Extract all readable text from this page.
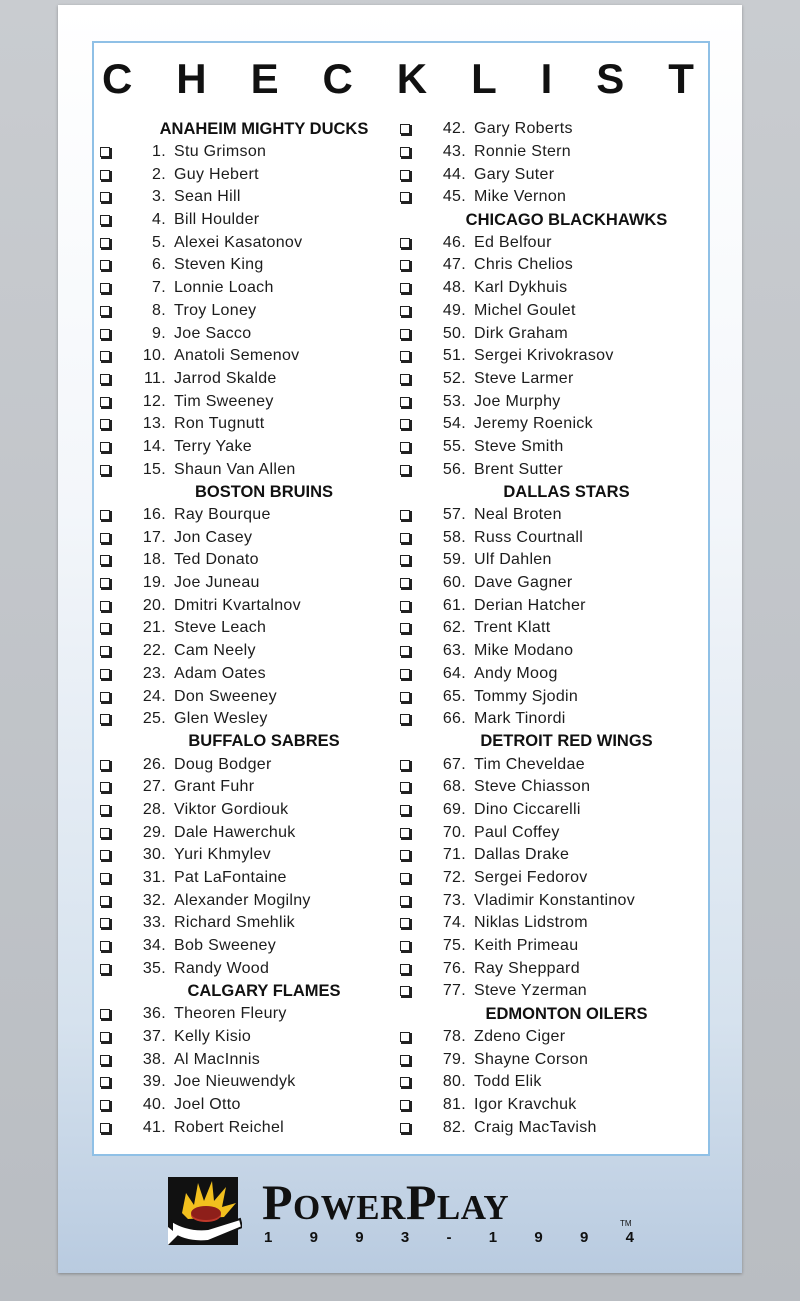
C H E C K L I S T
ANAHEIM MIGHTY DUCKS
1. Stu Grimson
2. Guy Hebert
3. Sean Hill
4. Bill Houlder
5. Alexei Kasatonov
6. Steven King
7. Lonnie Loach
8. Troy Loney
9. Joe Sacco
10. Anatoli Semenov
11. Jarrod Skalde
12. Tim Sweeney
13. Ron Tugnutt
14. Terry Yake
15. Shaun Van Allen
BOSTON BRUINS
16. Ray Bourque
17. Jon Casey
18. Ted Donato
19. Joe Juneau
20. Dmitri Kvartalnov
21. Steve Leach
22. Cam Neely
23. Adam Oates
24. Don Sweeney
25. Glen Wesley
BUFFALO SABRES
26. Doug Bodger
27. Grant Fuhr
28. Viktor Gordiouk
29. Dale Hawerchuk
30. Yuri Khmylev
31. Pat LaFontaine
32. Alexander Mogilny
33. Richard Smehlik
34. Bob Sweeney
35. Randy Wood
CALGARY FLAMES
36. Theoren Fleury
37. Kelly Kisio
38. Al MacInnis
39. Joe Nieuwendyk
40. Joel Otto
41. Robert Reichel
42. Gary Roberts
43. Ronnie Stern
44. Gary Suter
45. Mike Vernon
CHICAGO BLACKHAWKS
46. Ed Belfour
47. Chris Chelios
48. Karl Dykhuis
49. Michel Goulet
50. Dirk Graham
51. Sergei Krivokrasov
52. Steve Larmer
53. Joe Murphy
54. Jeremy Roenick
55. Steve Smith
56. Brent Sutter
DALLAS STARS
57. Neal Broten
58. Russ Courtnall
59. Ulf Dahlen
60. Dave Gagner
61. Derian Hatcher
62. Trent Klatt
63. Mike Modano
64. Andy Moog
65. Tommy Sjodin
66. Mark Tinordi
DETROIT RED WINGS
67. Tim Cheveldae
68. Steve Chiasson
69. Dino Ciccarelli
70. Paul Coffey
71. Dallas Drake
72. Sergei Fedorov
73. Vladimir Konstantinov
74. Niklas Lidstrom
75. Keith Primeau
76. Ray Sheppard
77. Steve Yzerman
EDMONTON OILERS
78. Zdeno Ciger
79. Shayne Corson
80. Todd Elik
81. Igor Kravchuk
82. Craig MacTavish
PowerPlay	TM
1 9 9 3 - 1 9 9 4
